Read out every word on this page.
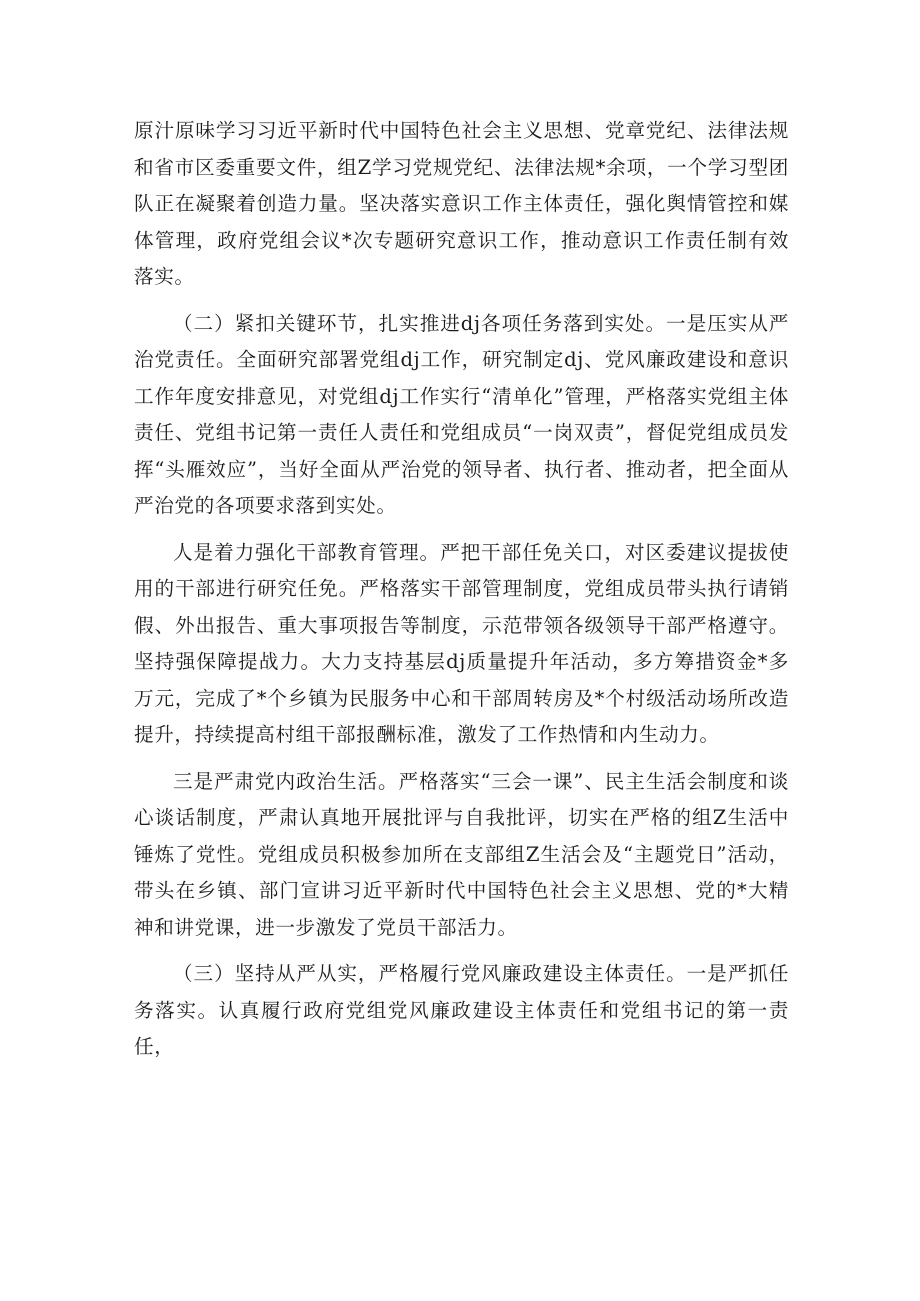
原汁原味学习习近平新时代中国特色社会主义思想、党章党纪、法律法规和省市区委重要文件，组Z学习党规党纪、法律法规*余项，一个学习型团队正在凝聚着创造力量。坚决落实意识工作主体责任，强化舆情管控和媒体管理，政府党组会议*次专题研究意识工作，推动意识工作责任制有效落实。

（二）紧扣关键环节，扎实推进dj各项任务落到实处。一是压实从严治党责任。全面研究部署党组dj工作，研究制定dj、党风廉政建设和意识工作年度安排意见，对党组dj工作实行“清单化”管理，严格落实党组主体责任、党组书记第一责任人责任和党组成员“一岗双责”，督促党组成员发挥“头雁效应”，当好全面从严治党的领导者、执行者、推动者，把全面从严治党的各项要求落到实处。

人是着力强化干部教育管理。严把干部任免关口，对区委建议提拔使用的干部进行研究任免。严格落实干部管理制度，党组成员带头执行请销假、外出报告、重大事项报告等制度，示范带领各级领导干部严格遵守。坚持强保障提战力。大力支持基层dj质量提升年活动，多方筹措资金*多万元，完成了*个乡镇为民服务中心和干部周转房及*个村级活动场所改造提升，持续提高村组干部报酬标准，激发了工作热情和内生动力。

三是严肃党内政治生活。严格落实“三会一课”、民主生活会制度和谈心谈话制度，严肃认真地开展批评与自我批评，切实在严格的组Z生活中锤炼了党性。党组成员积极参加所在支部组Z生活会及“主题党日”活动，带头在乡镇、部门宣讲习近平新时代中国特色社会主义思想、党的*大精神和讲党课，进一步激发了党员干部活力。

（三）坚持从严从实，严格履行党风廉政建设主体责任。一是严抓任务落实。认真履行政府党组党风廉政建设主体责任和党组书记的第一责任，
